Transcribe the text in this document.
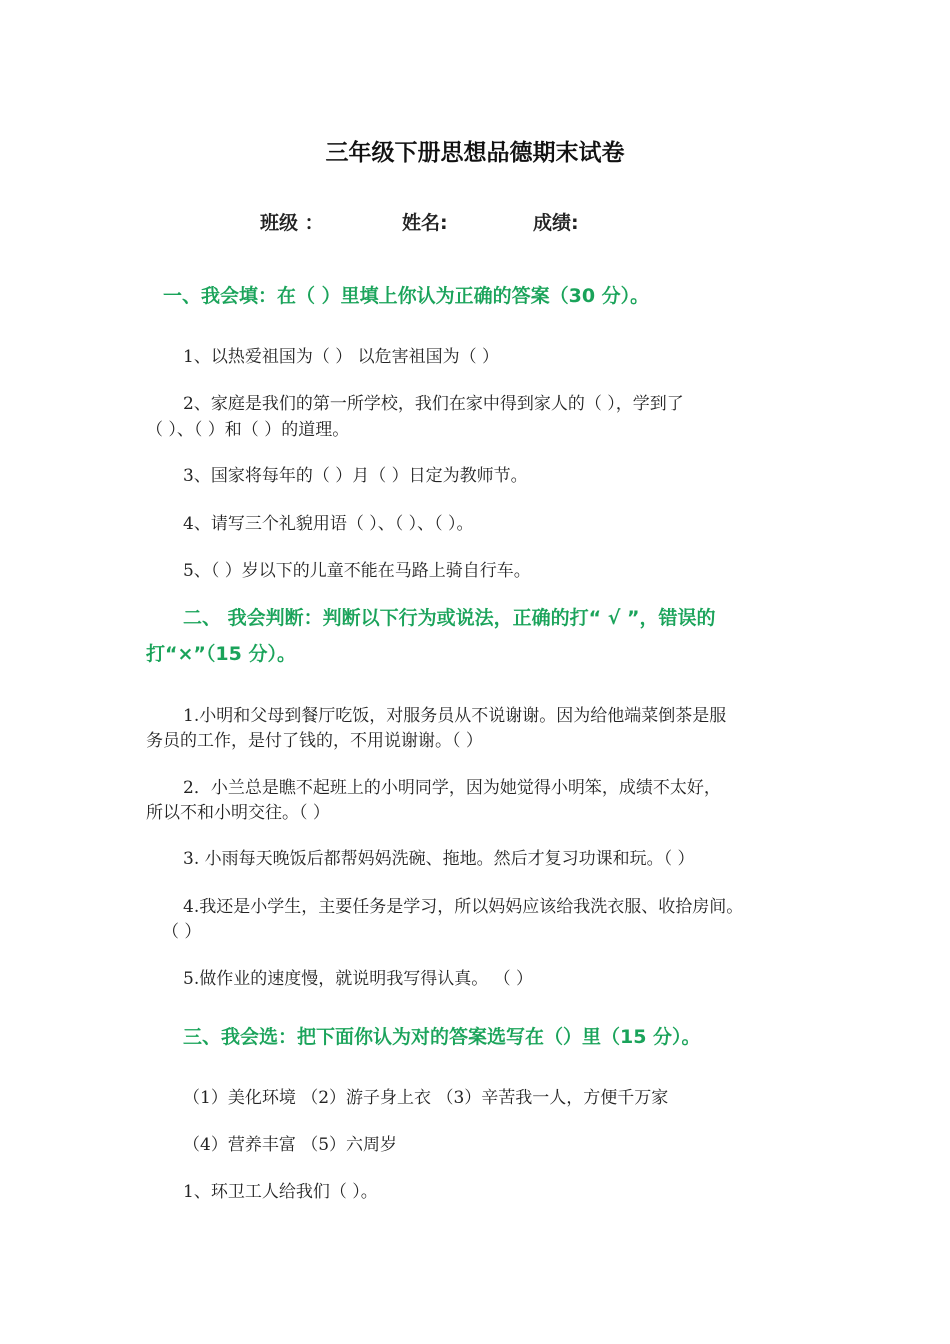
三年级下册思想品德期末试卷
班级 ：	姓名:	成绩:
一、我会填：在（ ）里填上你认为正确的答案（30 分）。
1、以热爱祖国为（ ） 以危害祖国为（ ）
2、家庭是我们的第一所学校，我们在家中得到家人的（ ），学到了
（ ）、（ ）和（ ）的道理。
3、国家将每年的（ ）月（ ）日定为教师节。
4、请写三个礼貌用语（ ）、（ ）、（ ）。
5、（ ）岁以下的儿童不能在马路上骑自行车。
二、 我会判断：判断以下行为或说法，正确的打“ √ ”，错误的
打“×”（15 分）。
1.小明和父母到餐厅吃饭，对服务员从不说谢谢。因为给他端菜倒茶是服
务员的工作，是付了钱的，不用说谢谢。（ ）
2．小兰总是瞧不起班上的小明同学，因为她觉得小明笨，成绩不太好，
所以不和小明交往。（ ）
3. 小雨每天晚饭后都帮妈妈洗碗、拖地。然后才复习功课和玩。（ ）
4.我还是小学生，主要任务是学习，所以妈妈应该给我洗衣服、收拾房间。
（ ）
5.做作业的速度慢，就说明我写得认真。 （ ）
三、我会选：把下面你认为对的答案选写在（）里（15 分）。
（1）美化环境 （2）游子身上衣 （3）辛苦我一人，方便千万家
（4）营养丰富 （5）六周岁
1、环卫工人给我们（ ）。
